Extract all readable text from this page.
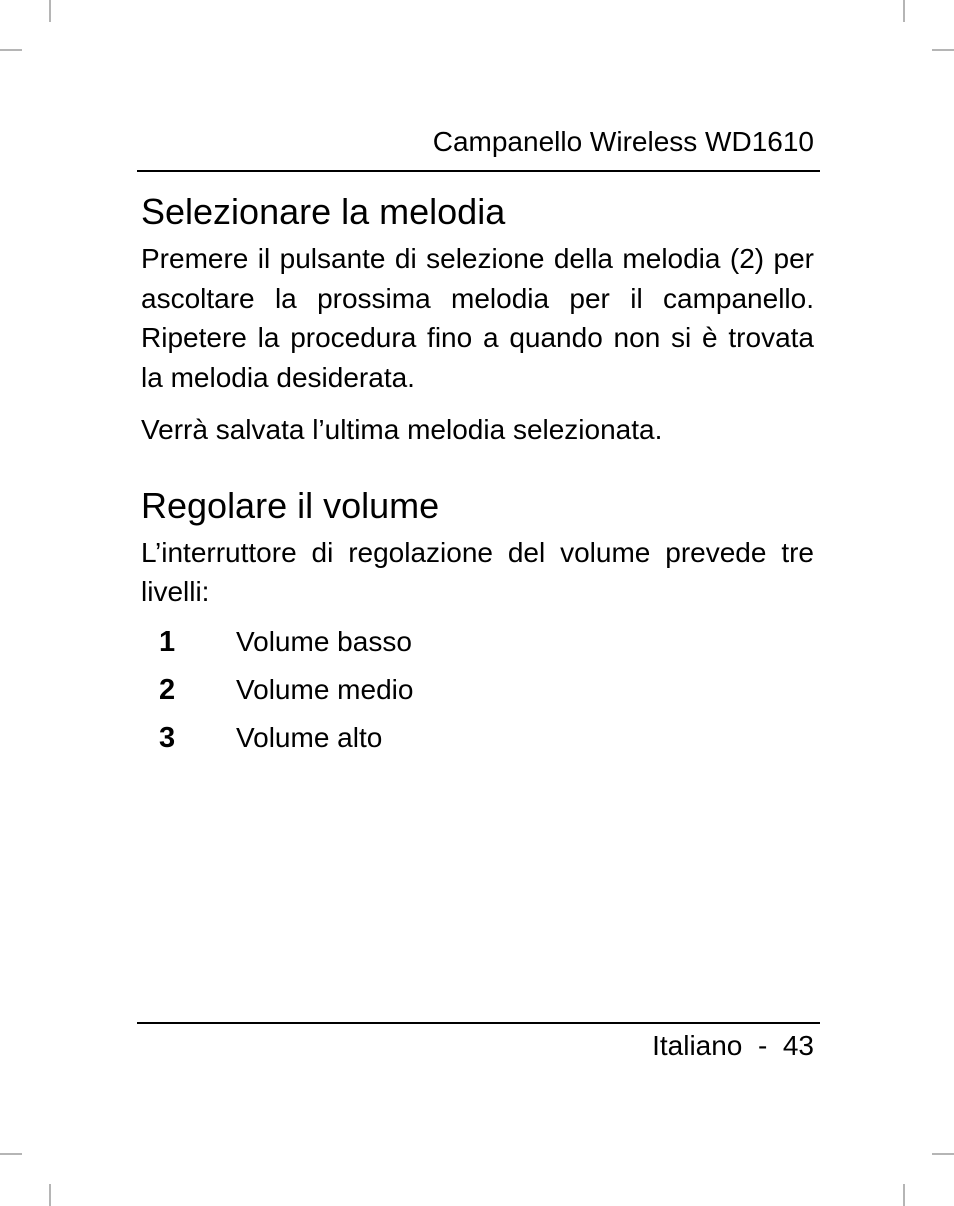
Campanello Wireless WD1610
Selezionare la melodia

Premere il pulsante di selezione della melodia (2) per ascoltare la prossima melodia per il campanello. Ripetere la procedura fino a quando non si è trovata la melodia desiderata.

Verrà salvata l’ultima melodia selezionata.

Regolare il volume

L’interruttore di regolazione del volume prevede tre livelli:

1	Volume basso
2	Volume medio
3	Volume alto
Italiano - 43
